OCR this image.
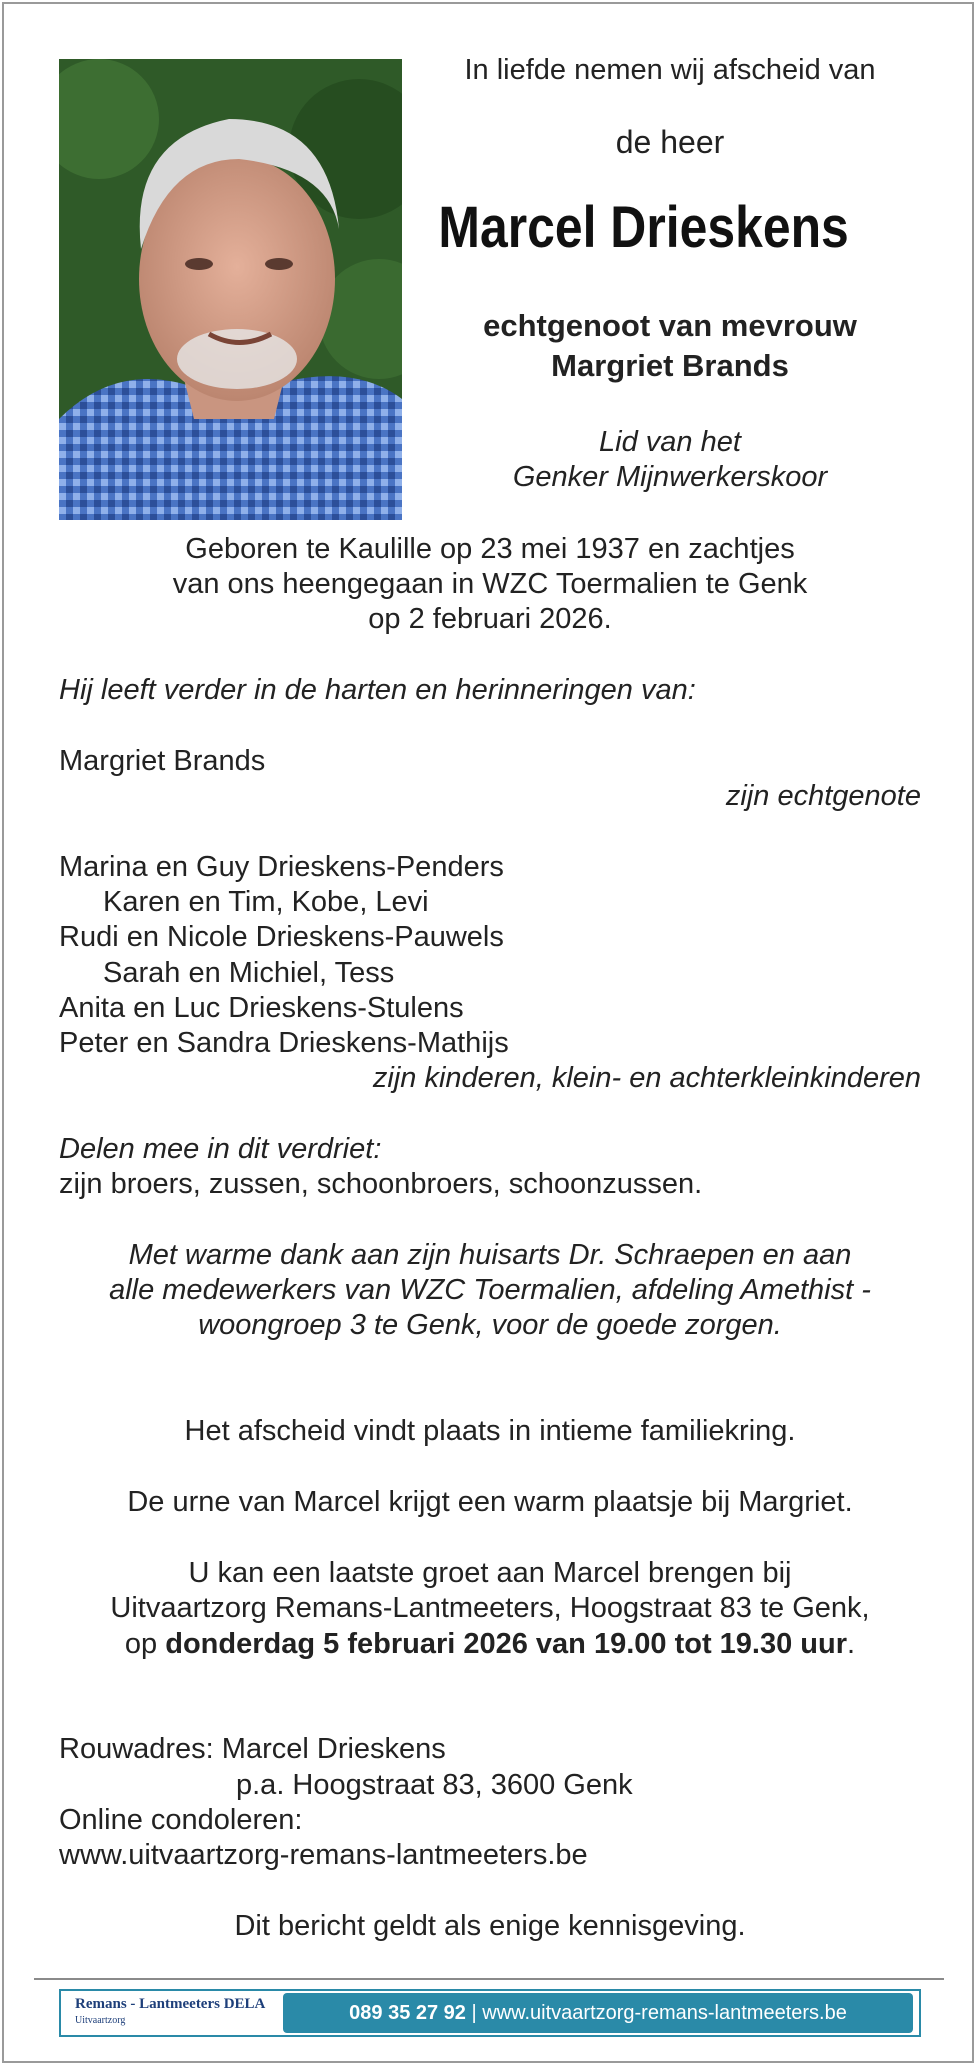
In liefde nemen wij afscheid van
de heer
Marcel Drieskens
echtgenoot van mevrouw
Margriet Brands
Lid van het
Genker Mijnwerkerskoor
Geboren te Kaulille op 23 mei 1937 en zachtjes
van ons heengegaan in WZC Toermalien te Genk
op 2 februari 2026.
Hij leeft verder in de harten en herinneringen van:
Margriet Brands
zijn echtgenote
Marina en Guy Drieskens-Penders
Karen en Tim, Kobe, Levi
Rudi en Nicole Drieskens-Pauwels
Sarah en Michiel, Tess
Anita en Luc Drieskens-Stulens
Peter en Sandra Drieskens-Mathijs
zijn kinderen, klein- en achterkleinkinderen
Delen mee in dit verdriet:
zijn broers, zussen, schoonbroers, schoonzussen.
Met warme dank aan zijn huisarts Dr. Schraepen en aan
alle medewerkers van WZC Toermalien, afdeling Amethist -
woongroep 3 te Genk, voor de goede zorgen.
Het afscheid vindt plaats in intieme familiekring.
De urne van Marcel krijgt een warm plaatsje bij Margriet.
U kan een laatste groet aan Marcel brengen bij
Uitvaartzorg Remans-Lantmeeters, Hoogstraat 83 te Genk,
op donderdag 5 februari 2026 van 19.00 tot 19.30 uur.
Rouwadres: Marcel Drieskens
p.a. Hoogstraat 83, 3600 Genk
Online condoleren:
www.uitvaartzorg-remans-lantmeeters.be
Dit bericht geldt als enige kennisgeving.
Remans - Lantmeeters DELA
Uitvaartzorg	089 35 27 92 | www.uitvaartzorg-remans-lantmeeters.be
